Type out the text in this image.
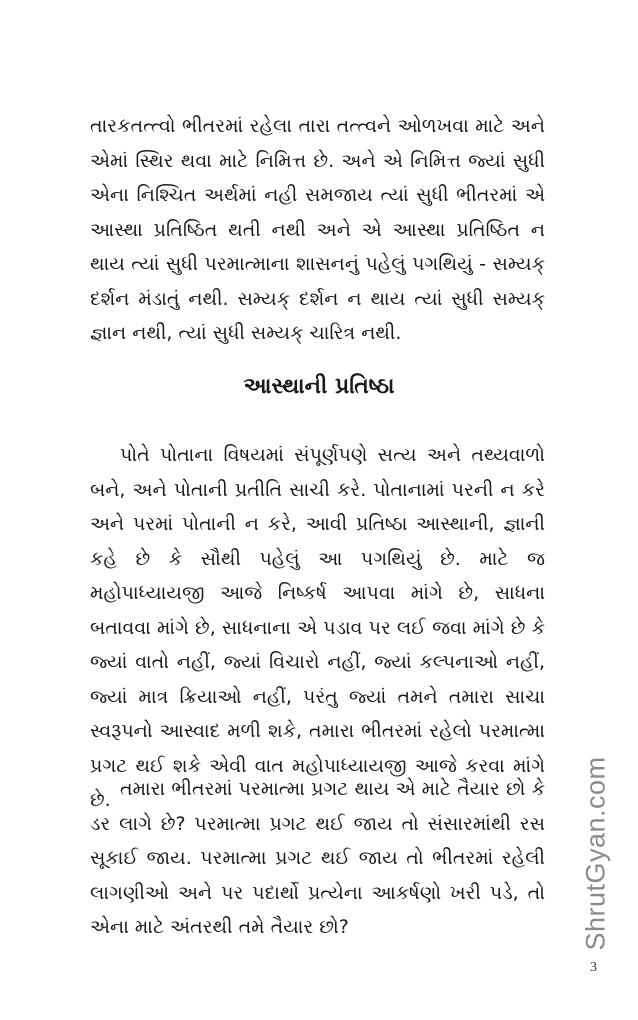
તારકતત્ત્વો ભીતરમાં રહેલા તારા તત્ત્વને ઓળખવા માટે અને એમાં સ્થિર થવા માટે નિમિત્ત છે. અને એ નિમિત્ત જ્યાં સુધી એના નિશ્ચિત અર્થમાં નહી સમજાય ત્યાં સુધી ભીતરમાં એ આસ્થા પ્રતિષ્ઠિત થતી નથી અને એ આસ્થા પ્રતિષ્ઠિત ન થાય ત્યાં સુધી પરમાત્માના શાસનનું પહેલું પગથિયું - સમ્યક્ દર્શન મંડાતું નથી. સમ્યક્ દર્શન ન થાય ત્યાં સુધી સમ્યક્ જ્ઞાન નથી, ત્યાં સુધી સમ્યક્ ચારિત્ર નથી.

આસ્થાની પ્રતિષ્ઠા

પોતે પોતાના વિષયમાં સંપૂર્ણપણે સત્ય અને તથ્યવાળો બને, અને પોતાની પ્રતીતિ સાચી કરે. પોતાનામાં પરની ન કરે અને પરમાં પોતાની ન કરે, આવી પ્રતિષ્ઠા આસ્થાની, જ્ઞાની કહે છે કે સૌથી પહેલું આ પગથિયું છે. માટે જ મહોપાધ્યાયજી આજે નિષ્કર્ષ આપવા માંગે છે, સાધના બતાવવા માંગે છે, સાધનાના એ પડાવ પર લઈ જવા માંગે છે કે જ્યાં વાતો નહીં, જ્યાં વિચારો નહીં, જ્યાં કલ્પનાઓ નહીં, જ્યાં માત્ર ક્રિયાઓ નહીં, પરંતુ જ્યાં તમને તમારા સાચા સ્વરૂપનો આસ્વાદ મળી શકે, તમારા ભીતરમાં રહેલો પરમાત્મા પ્રગટ થઈ શકે એવી વાત મહોપાધ્યાયજી આજે કરવા માંગે છે. તમારા ભીતરમાં પરમાત્મા પ્રગટ થાય એ માટે તૈયાર છો કે ડર લાગે છે? પરમાત્મા પ્રગટ થઈ જાય તો સંસારમાંથી રસ સૂકાઈ જાય. પરમાત્મા પ્રગટ થઈ જાય તો ભીતરમાં રહેલી લાગણીઓ અને પર પદાર્થો પ્રત્યેના આકર્ષણો ખરી પડે, તો એના માટે અંતરથી તમે તૈયાર છો?	ShrutGyan.com
3
